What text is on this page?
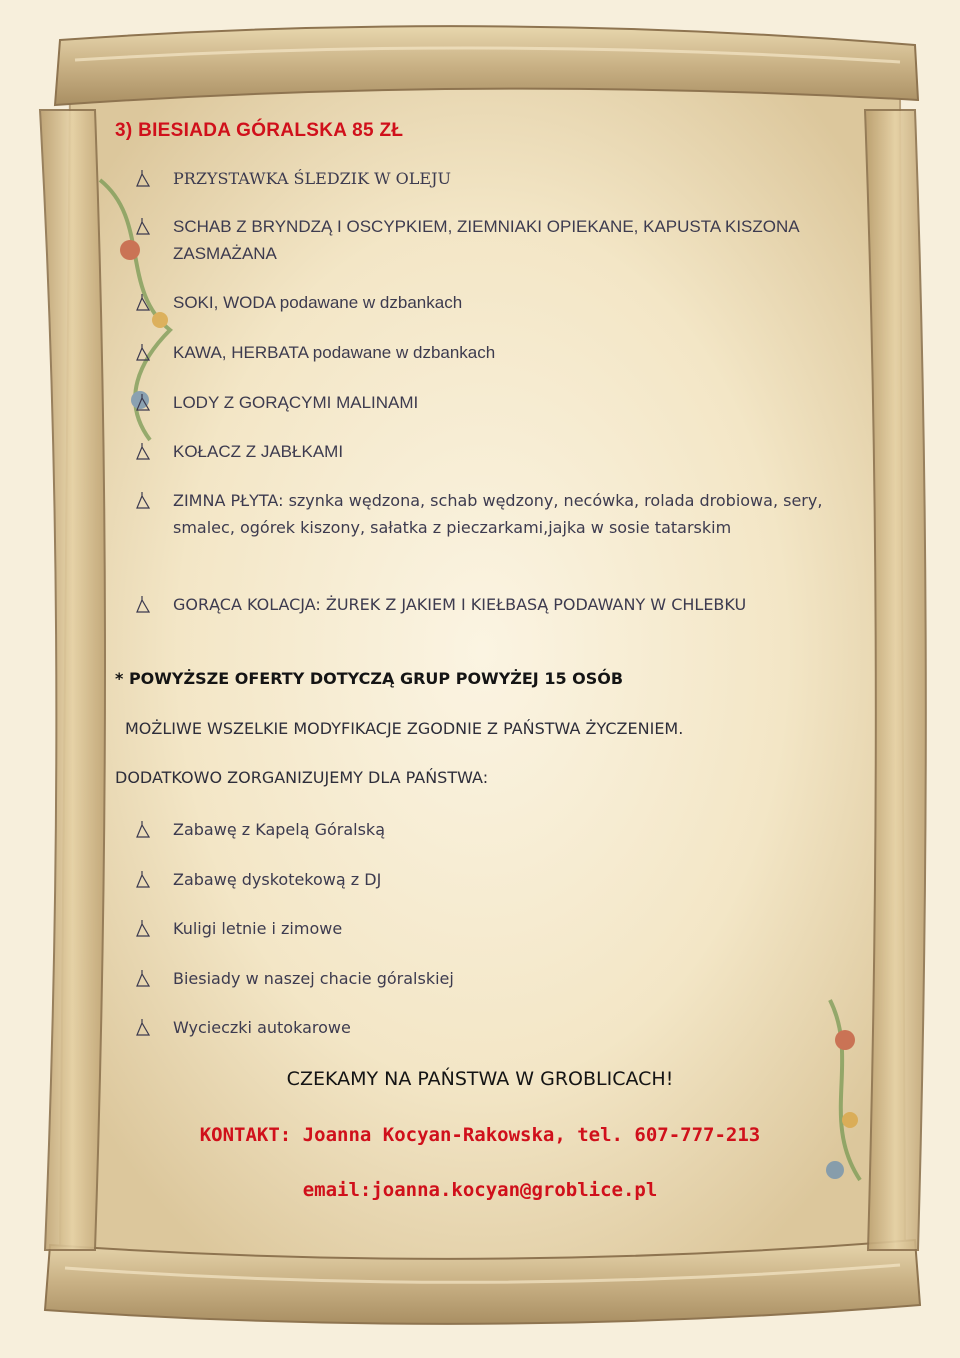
3) BIESIADA GÓRALSKA 85 ZŁ
PRZYSTAWKA ŚLEDZIK W OLEJU
SCHAB Z BRYNDZĄ I OSCYPKIEM, ZIEMNIAKI OPIEKANE, KAPUSTA KISZONA ZASMAŻANA
SOKI, WODA podawane w dzbankach
KAWA, HERBATA podawane w dzbankach
LODY Z GORĄCYMI MALINAMI
KOŁACZ Z JABŁKAMI
ZIMNA PŁYTA: szynka wędzona, schab wędzony, necówka, rolada drobiowa, sery, smalec, ogórek kiszony, sałatka z pieczarkami,jajka w sosie tatarskim
GORĄCA KOLACJA: ŻUREK Z JAKIEM I KIEŁBASĄ PODAWANY W CHLEBKU
* POWYŻSZE OFERTY DOTYCZĄ GRUP POWYŻEJ 15 OSÓB
MOŻLIWE WSZELKIE MODYFIKACJE ZGODNIE Z PAŃSTWA ŻYCZENIEM.
DODATKOWO ZORGANIZUJEMY DLA PAŃSTWA:
Zabawę z Kapelą Góralską
Zabawę dyskotekową z DJ
Kuligi letnie i zimowe
Biesiady w naszej chacie góralskiej
Wycieczki autokarowe
CZEKAMY NA PAŃSTWA W GROBLICACH!
KONTAKT: Joanna Kocyan-Rakowska, tel. 607-777-213
email:joanna.kocyan@groblice.pl
